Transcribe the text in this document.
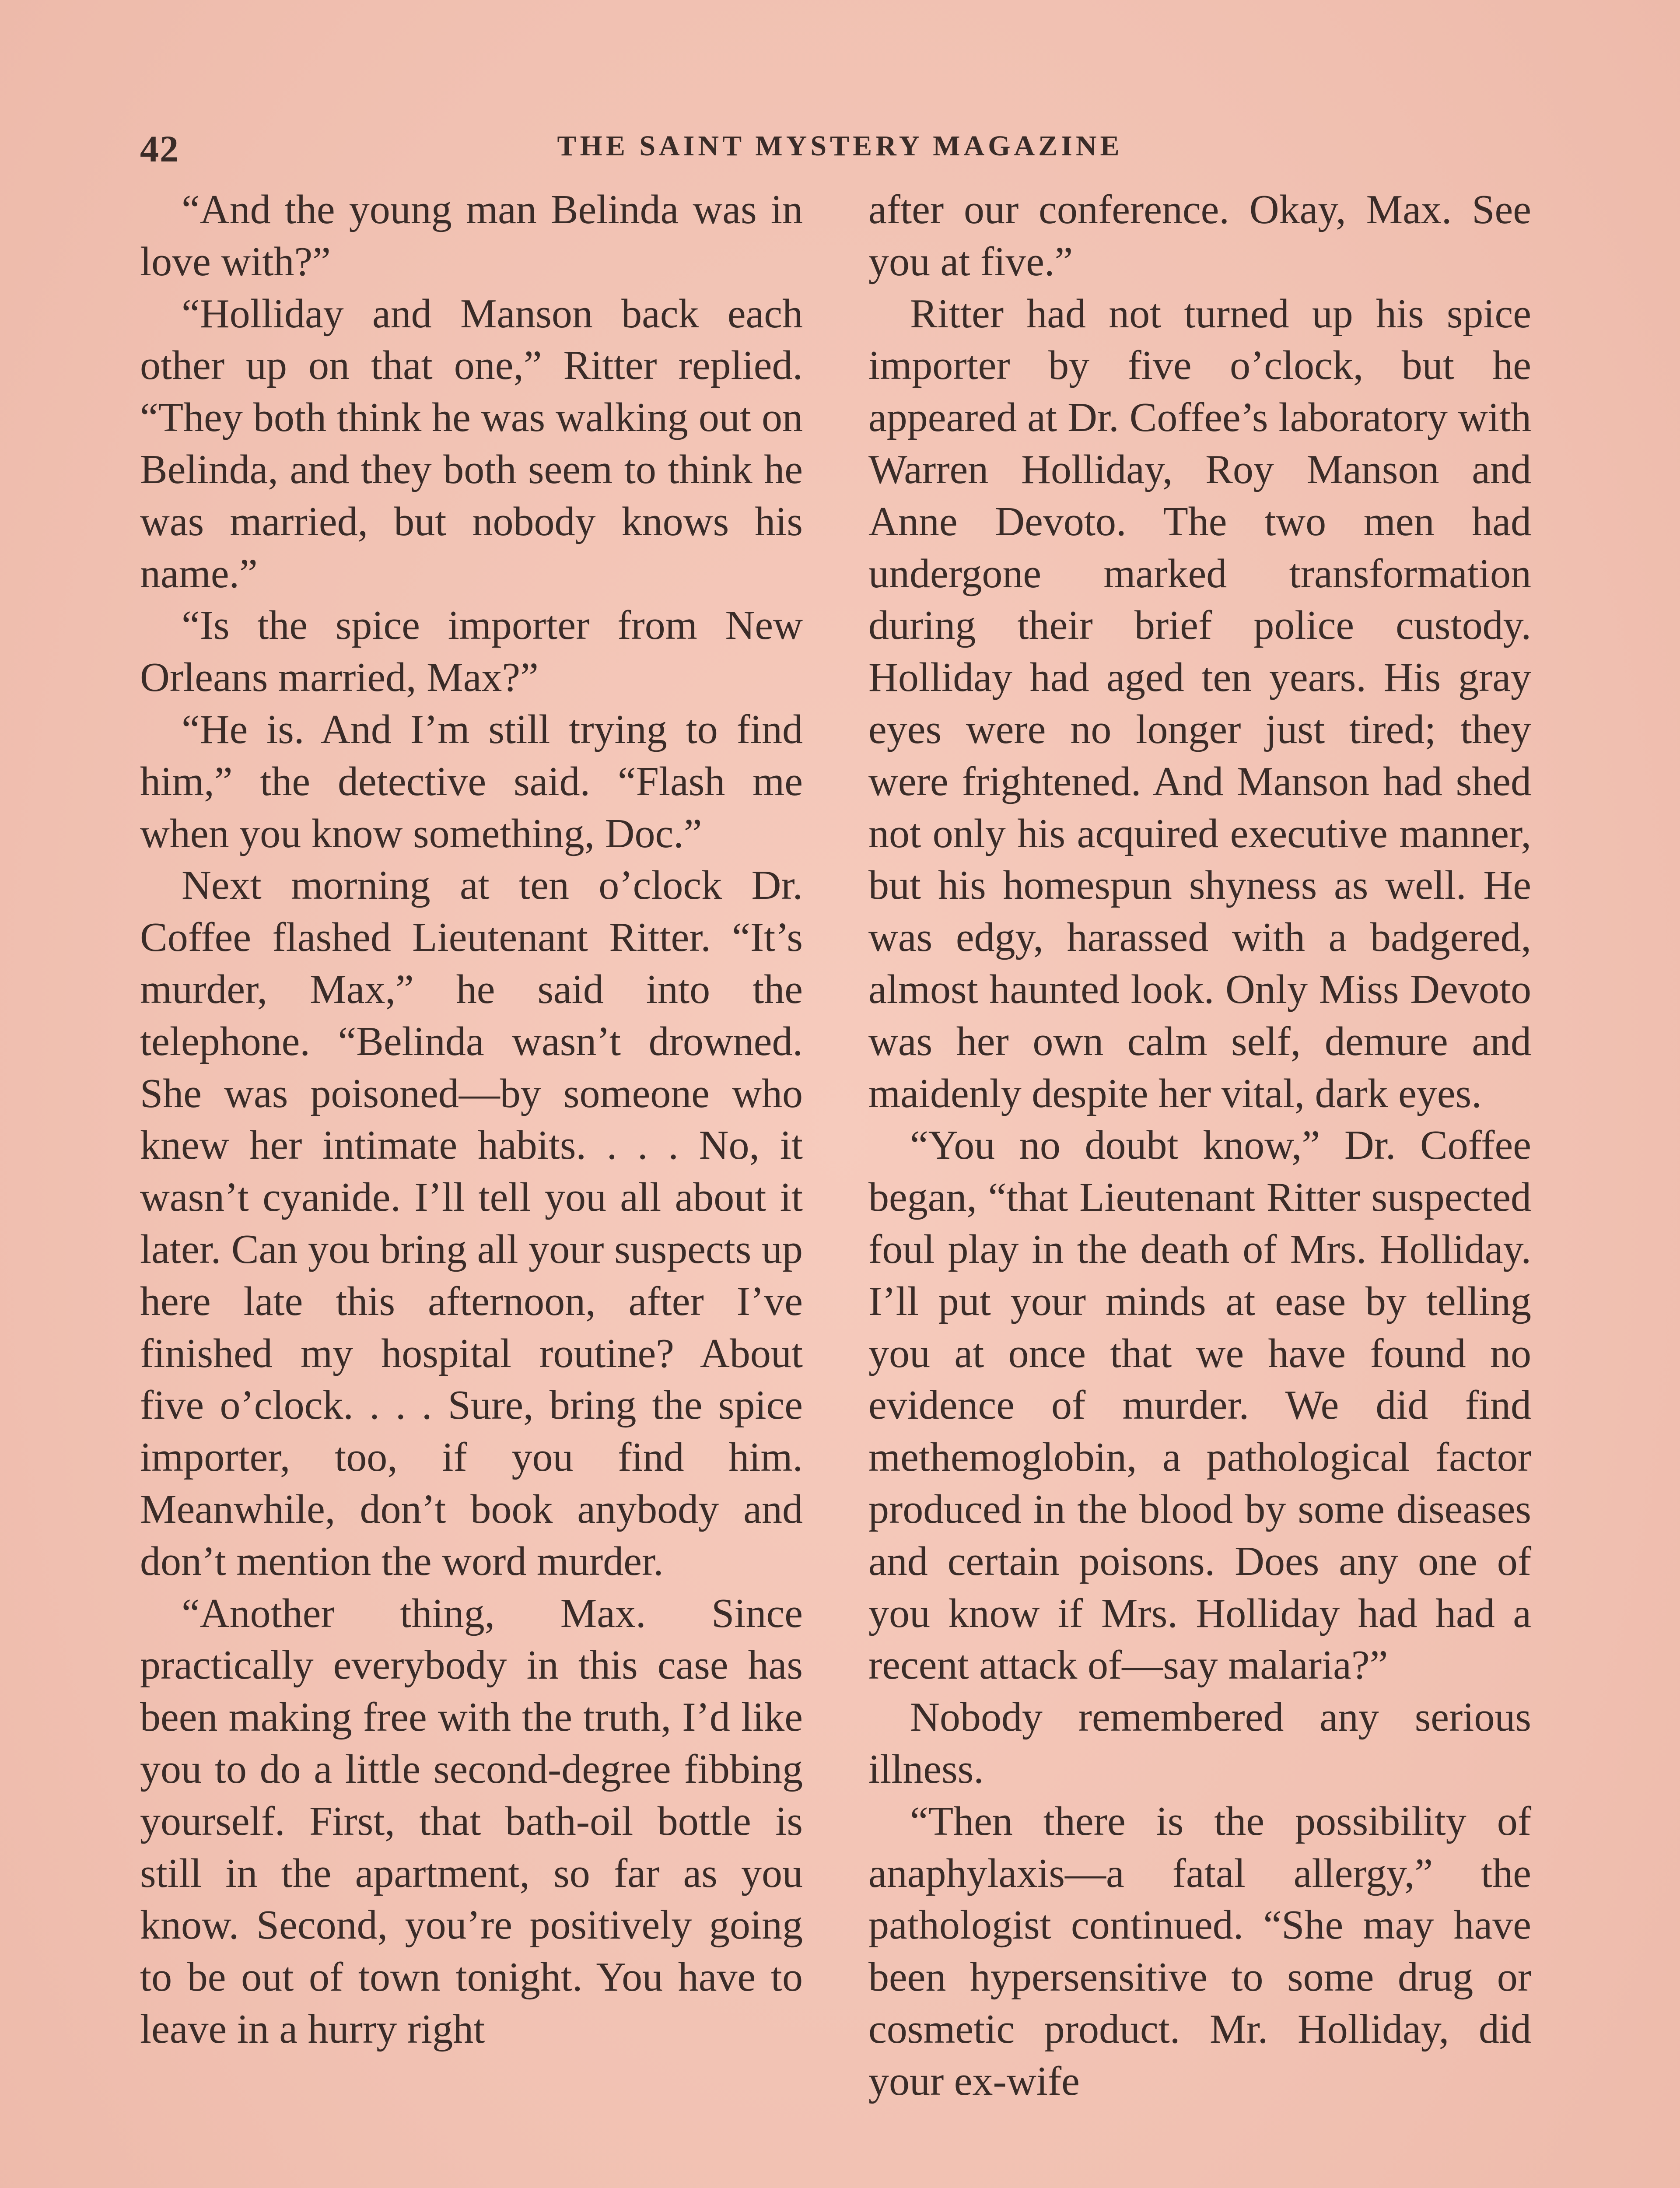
42	THE SAINT MYSTERY MAGAZINE

“And the young man Belinda was in love with?”

“Holliday and Manson back each other up on that one,” Ritter replied. “They both think he was walking out on Belinda, and they both seem to think he was married, but nobody knows his name.”

“Is the spice importer from New Orleans married, Max?”

“He is. And I’m still trying to find him,” the detective said. “Flash me when you know something, Doc.”

Next morning at ten o’clock Dr. Coffee flashed Lieutenant Ritter. “It’s murder, Max,” he said into the telephone. “Belinda wasn’t drowned. She was poisoned—by someone who knew her intimate habits. . . . No, it wasn’t cyanide. I’ll tell you all about it later. Can you bring all your suspects up here late this afternoon, after I’ve finished my hospital routine? About five o’clock. . . . Sure, bring the spice importer, too, if you find him. Meanwhile, don’t book anybody and don’t mention the word murder.

“Another thing, Max. Since practically everybody in this case has been making free with the truth, I’d like you to do a little second-degree fibbing yourself. First, that bath-oil bottle is still in the apartment, so far as you know. Second, you’re positively going to be out of town tonight. You have to leave in a hurry right

after our conference. Okay, Max. See you at five.”

Ritter had not turned up his spice importer by five o’clock, but he appeared at Dr. Coffee’s laboratory with Warren Holliday, Roy Manson and Anne Devoto. The two men had undergone marked transformation during their brief police custody. Holliday had aged ten years. His gray eyes were no longer just tired; they were frightened. And Manson had shed not only his acquired executive manner, but his homespun shyness as well. He was edgy, harassed with a badgered, almost haunted look. Only Miss Devoto was her own calm self, demure and maidenly despite her vital, dark eyes.

“You no doubt know,” Dr. Coffee began, “that Lieutenant Ritter suspected foul play in the death of Mrs. Holliday. I’ll put your minds at ease by telling you at once that we have found no evidence of murder. We did find methemoglobin, a pathological factor produced in the blood by some diseases and certain poisons. Does any one of you know if Mrs. Holliday had had a recent attack of—say malaria?”

Nobody remembered any serious illness.

“Then there is the possibility of anaphylaxis—a fatal allergy,” the pathologist continued. “She may have been hypersensitive to some drug or cosmetic product. Mr. Holliday, did your ex-wife
